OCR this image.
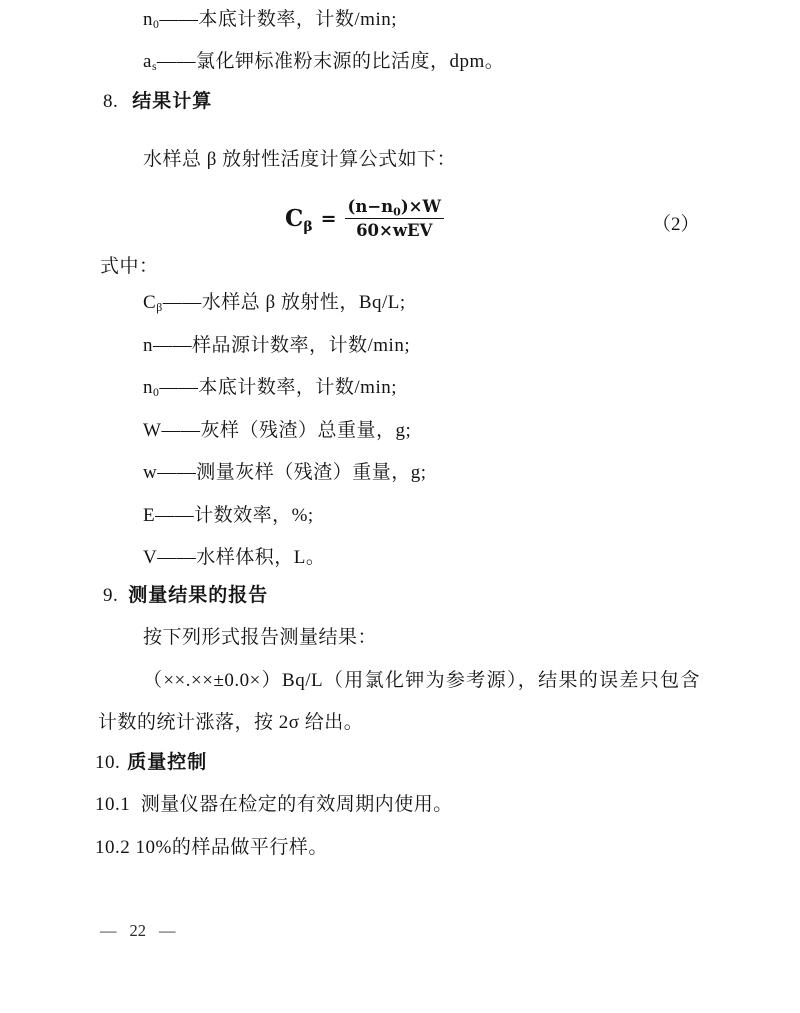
$n_0——$本底计数率，计数/min;
$a_s——$氯化钾标准粉末源的比活度，dpm。
8. 结果计算
水样总 β 放射性活度计算公式如下：
$C_\beta = \frac{(n-n_0)\times W}{\text{60×wEV}}$	（2）
式中：
$C_\beta——$水样总 β 放射性，Bq/L;
n——样品源计数率，计数/min;
$n_0——$本底计数率，计数/min;
W——灰样（残渣）总重量，g;
w——测量灰样（残渣）重量，g;
E——计数效率，%;
V——水样体积，L。
9. 测量结果的报告
按下列形式报告测量结果：
（××.××±0.0×）Bq/L（用氯化钾为参考源），结果的误差只包含
计数的统计涨落，按 2σ 给出。
10. 质量控制
10.1  测量仪器在检定的有效周期内使用。
10.2 10%的样品做平行样。
— 22 —
